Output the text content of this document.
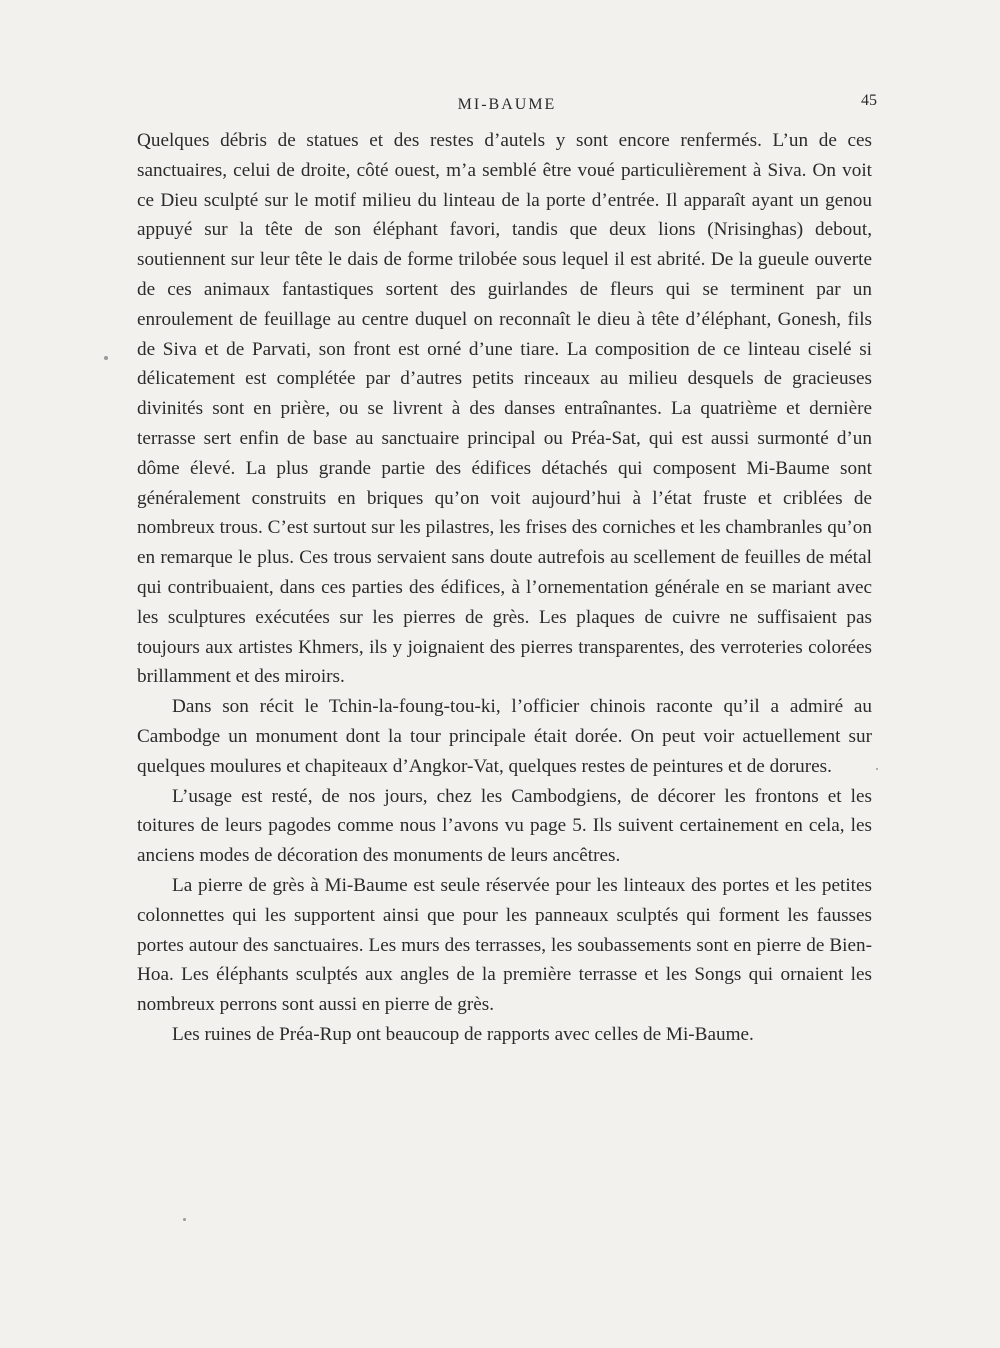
MI-BAUME	45

Quelques débris de statues et des restes d’autels y sont encore renfermés. L’un de ces sanctuaires, celui de droite, côté ouest, m’a semblé être voué particulièrement à Siva. On voit ce Dieu sculpté sur le motif milieu du linteau de la porte d’entrée. Il apparaît ayant un genou appuyé sur la tête de son éléphant favori, tandis que deux lions (Nrisinghas) debout, soutiennent sur leur tête le dais de forme trilobée sous lequel il est abrité. De la gueule ouverte de ces animaux fantastiques sortent des guirlandes de fleurs qui se terminent par un enroulement de feuillage au centre duquel on reconnaît le dieu à tête d’éléphant, Gonesh, fils de Siva et de Parvati, son front est orné d’une tiare. La composition de ce linteau ciselé si délicatement est complétée par d’autres petits rinceaux au milieu desquels de gracieuses divinités sont en prière, ou se livrent à des danses entraînantes. La quatrième et dernière terrasse sert enfin de base au sanctuaire principal ou Préa-Sat, qui est aussi surmonté d’un dôme élevé. La plus grande partie des édifices détachés qui composent Mi-Baume sont généralement construits en briques qu’on voit aujourd’hui à l’état fruste et criblées de nombreux trous. C’est surtout sur les pilastres, les frises des corniches et les chambranles qu’on en remarque le plus. Ces trous servaient sans doute autrefois au scellement de feuilles de métal qui contribuaient, dans ces parties des édifices, à l’ornementation générale en se mariant avec les sculptures exécutées sur les pierres de grès. Les plaques de cuivre ne suffisaient pas toujours aux artistes Khmers, ils y joignaient des pierres transparentes, des verroteries colorées brillamment et des miroirs.

Dans son récit le Tchin-la-foung-tou-ki, l’officier chinois raconte qu’il a admiré au Cambodge un monument dont la tour principale était dorée. On peut voir actuellement sur quelques moulures et chapiteaux d’Angkor-Vat, quelques restes de peintures et de dorures.

L’usage est resté, de nos jours, chez les Cambodgiens, de décorer les frontons et les toitures de leurs pagodes comme nous l’avons vu page 5. Ils suivent certainement en cela, les anciens modes de décoration des monuments de leurs ancêtres.

La pierre de grès à Mi-Baume est seule réservée pour les linteaux des portes et les petites colonnettes qui les supportent ainsi que pour les panneaux sculptés qui forment les fausses portes autour des sanctuaires. Les murs des terrasses, les soubassements sont en pierre de Bien-Hoa. Les éléphants sculptés aux angles de la première terrasse et les Songs qui ornaient les nombreux perrons sont aussi en pierre de grès.

Les ruines de Préa-Rup ont beaucoup de rapports avec celles de Mi-Baume.
